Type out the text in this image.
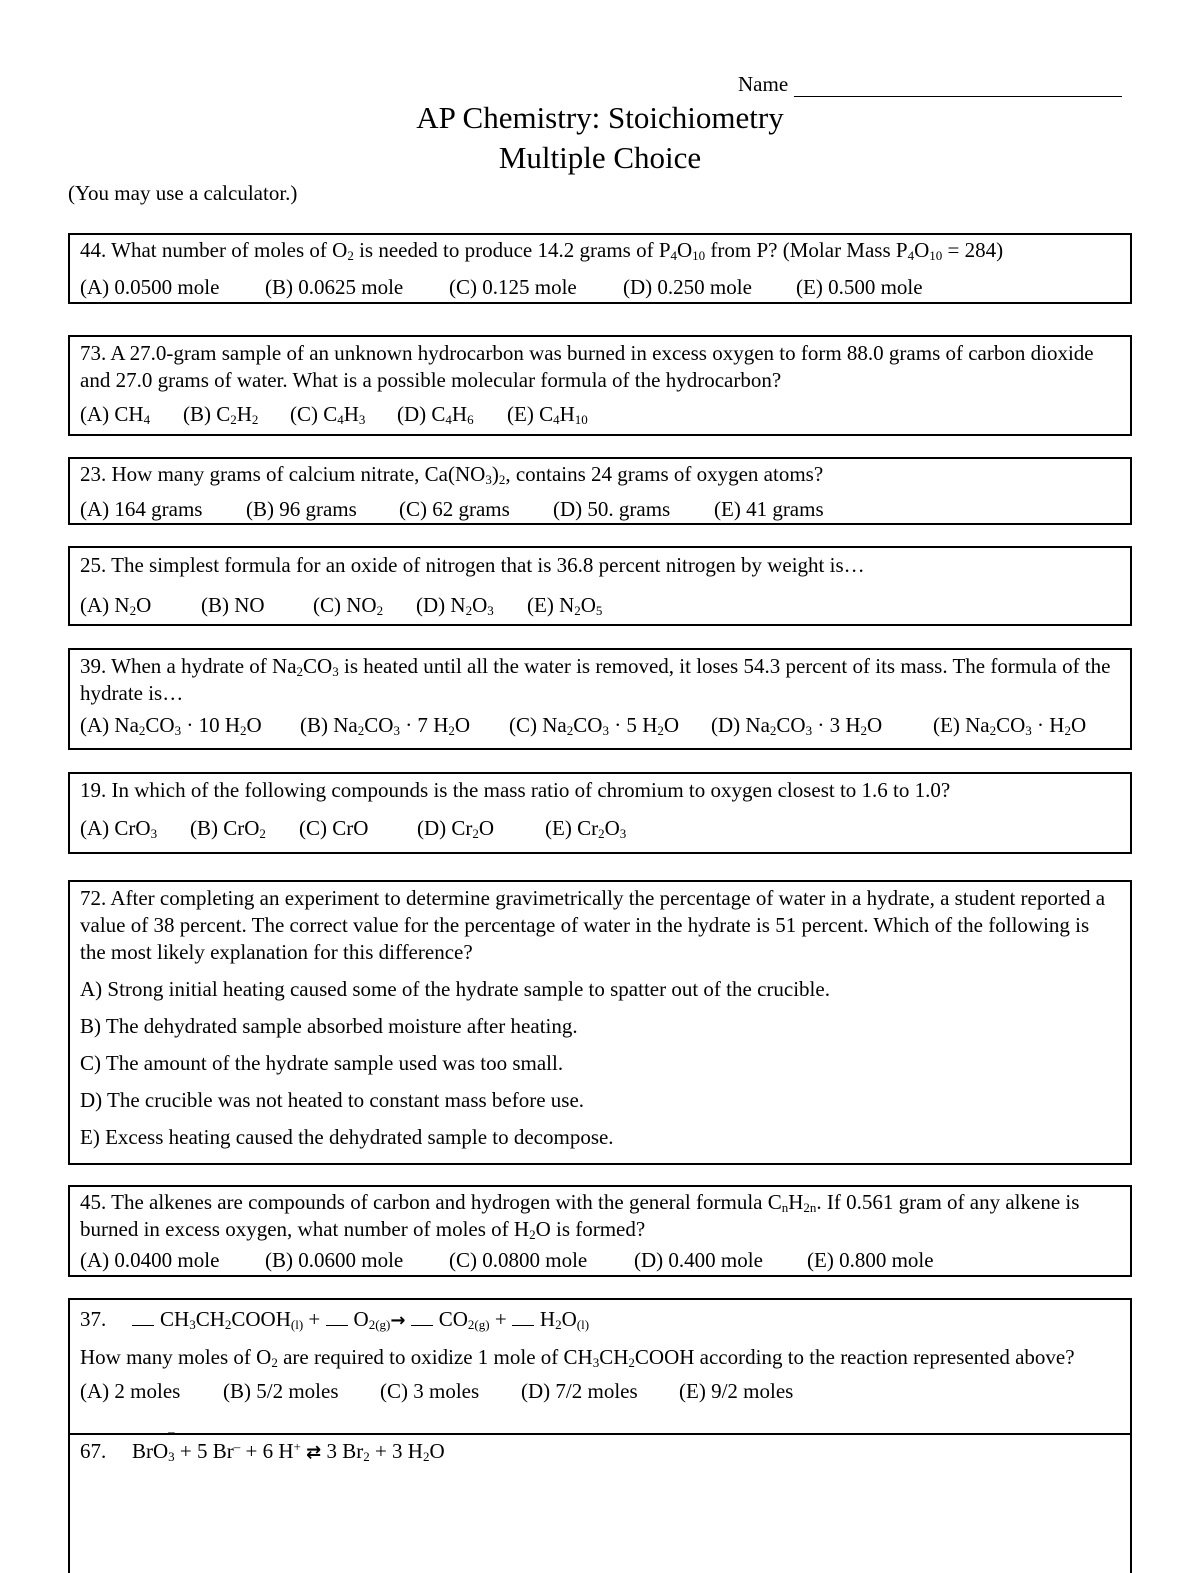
Name
AP Chemistry: Stoichiometry
Multiple Choice
(You may use a calculator.)
44. What number of moles of $O_2$ is needed to produce 14.2 grams of $P_4O_{10}$ from P? (Molar Mass $P_4O_{10} = 284$)
(A) 0.0500 mole (B) 0.0625 mole (C) 0.125 mole (D) 0.250 mole (E) 0.500 mole
73. A 27.0-gram sample of an unknown hydrocarbon was burned in excess oxygen to form 88.0 grams of carbon dioxide and 27.0 grams of water. What is a possible molecular formula of the hydrocarbon?
(A) $CH_4$ (B) $C_2H_2$ (C) $C_4H_3$ (D) $C_4H_6$ (E) $C_4H_{10}$
23. How many grams of calcium nitrate, $Ca(NO_3)_2$, contains 24 grams of oxygen atoms?
(A) 164 grams (B) 96 grams (C) 62 grams (D) 50. grams (E) 41 grams
25. The simplest formula for an oxide of nitrogen that is 36.8 percent nitrogen by weight is…
(A) $N_2O$ (B) NO (C) $NO_2$ (D) $N_2O_3$ (E) $N_2O_5$
39. When a hydrate of $Na_2CO_3$ is heated until all the water is removed, it loses 54.3 percent of its mass. The formula of the hydrate is…
(A) $Na_2CO_3 \cdot 10$ $H_2O$ (B) $Na_2CO_3 \cdot 7$ $H_2O$ (C) $Na_2CO_3 \cdot 5$ $H_2O$ (D) $Na_2CO_3 \cdot 3$ $H_2O$ (E) $Na_2CO_3 \cdot H_2O$
19. In which of the following compounds is the mass ratio of chromium to oxygen closest to 1.6 to 1.0?
(A) CrO$_3$ (B) CrO$_2$ (C) CrO (D) $Cr_2O$ (E) $Cr_2O_3$
72. After completing an experiment to determine gravimetrically the percentage of water in a hydrate, a student reported a value of 38 percent. The correct value for the percentage of water in the hydrate is 51 percent. Which of the following is the most likely explanation for this difference?
A) Strong initial heating caused some of the hydrate sample to spatter out of the crucible.
B) The dehydrated sample absorbed moisture after heating.
C) The amount of the hydrate sample used was too small.
D) The crucible was not heated to constant mass before use.
E) Excess heating caused the dehydrated sample to decompose.
45. The alkenes are compounds of carbon and hydrogen with the general formula $C_nH_{2n}$. If 0.561 gram of any alkene is burned in excess oxygen, what number of moles of $H_2O$ is formed?
(A) 0.0400 mole (B) 0.0600 mole (C) 0.0800 mole (D) 0.400 mole (E) 0.800 mole
37.	$CH_3CH_2COOH_{(l)} + O_{2(g)}\to CO_{2(g)} + H_2O_{(l)}$
How many moles of $O_2$ are required to oxidize 1 mole of $CH_3CH_2COOH$ according to the reaction represented above?
(A) 2 moles (B) 5/2 moles (C) 3 moles (D) 7/2 moles (E) 9/2 moles
67. BrO$_3$
–
+ 5 Br– + 6 H+ ⇄ 3 $Br_2 + 3$ $H_2O$
